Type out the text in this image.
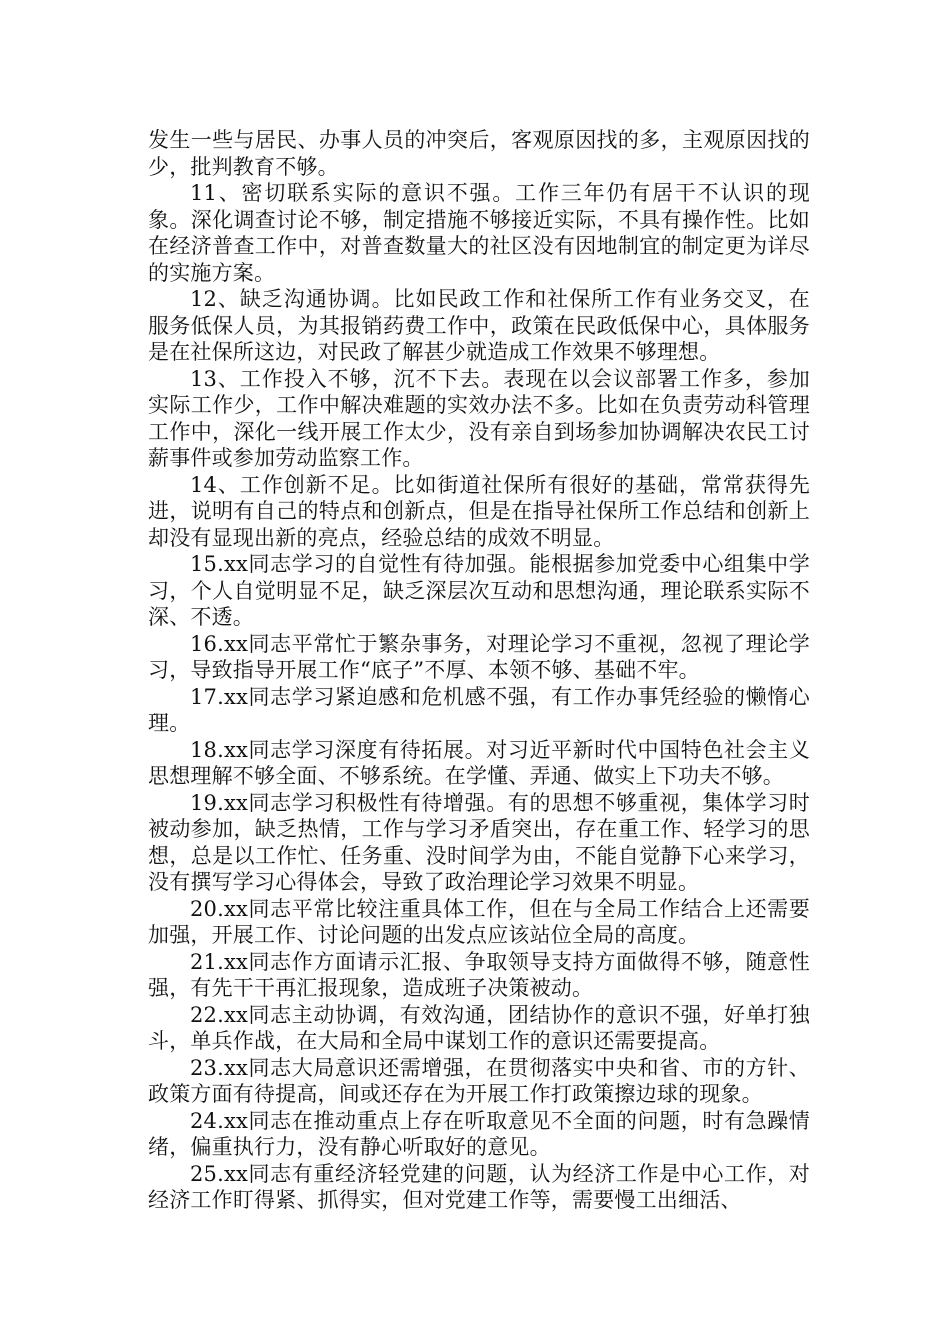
发生一些与居民、办事人员的冲突后，客观原因找的多，主观原因找的少，批判教育不够。

11、密切联系实际的意识不强。工作三年仍有居干不认识的现象。深化调查讨论不够，制定措施不够接近实际，不具有操作性。比如在经济普查工作中，对普查数量大的社区没有因地制宜的制定更为详尽的实施方案。

12、缺乏沟通协调。比如民政工作和社保所工作有业务交叉，在服务低保人员，为其报销药费工作中，政策在民政低保中心，具体服务是在社保所这边，对民政了解甚少就造成工作效果不够理想。

13、工作投入不够，沉不下去。表现在以会议部署工作多，参加实际工作少，工作中解决难题的实效办法不多。比如在负责劳动科管理工作中，深化一线开展工作太少，没有亲自到场参加协调解决农民工讨薪事件或参加劳动监察工作。

14、工作创新不足。比如街道社保所有很好的基础，常常获得先进，说明有自己的特点和创新点，但是在指导社保所工作总结和创新上却没有显现出新的亮点，经验总结的成效不明显。

15.xx同志学习的自觉性有待加强。能根据参加党委中心组集中学习，个人自觉明显不足，缺乏深层次互动和思想沟通，理论联系实际不深、不透。

16.xx同志平常忙于繁杂事务，对理论学习不重视，忽视了理论学习，导致指导开展工作“底子”不厚、本领不够、基础不牢。

17.xx同志学习紧迫感和危机感不强，有工作办事凭经验的懒惰心理。

18.xx同志学习深度有待拓展。对习近平新时代中国特色社会主义思想理解不够全面、不够系统。在学懂、弄通、做实上下功夫不够。

19.xx同志学习积极性有待增强。有的思想不够重视，集体学习时被动参加，缺乏热情，工作与学习矛盾突出，存在重工作、轻学习的思想，总是以工作忙、任务重、没时间学为由，不能自觉静下心来学习，没有撰写学习心得体会，导致了政治理论学习效果不明显。

20.xx同志平常比较注重具体工作，但在与全局工作结合上还需要加强，开展工作、讨论问题的出发点应该站位全局的高度。

21.xx同志作方面请示汇报、争取领导支持方面做得不够，随意性强，有先干干再汇报现象，造成班子决策被动。

22.xx同志主动协调，有效沟通，团结协作的意识不强，好单打独斗，单兵作战，在大局和全局中谋划工作的意识还需要提高。

23.xx同志大局意识还需增强，在贯彻落实中央和省、市的方针、政策方面有待提高，间或还存在为开展工作打政策擦边球的现象。

24.xx同志在推动重点上存在听取意见不全面的问题，时有急躁情绪，偏重执行力，没有静心听取好的意见。

25.xx同志有重经济轻党建的问题，认为经济工作是中心工作，对经济工作盯得紧、抓得实，但对党建工作等，需要慢工出细活、
